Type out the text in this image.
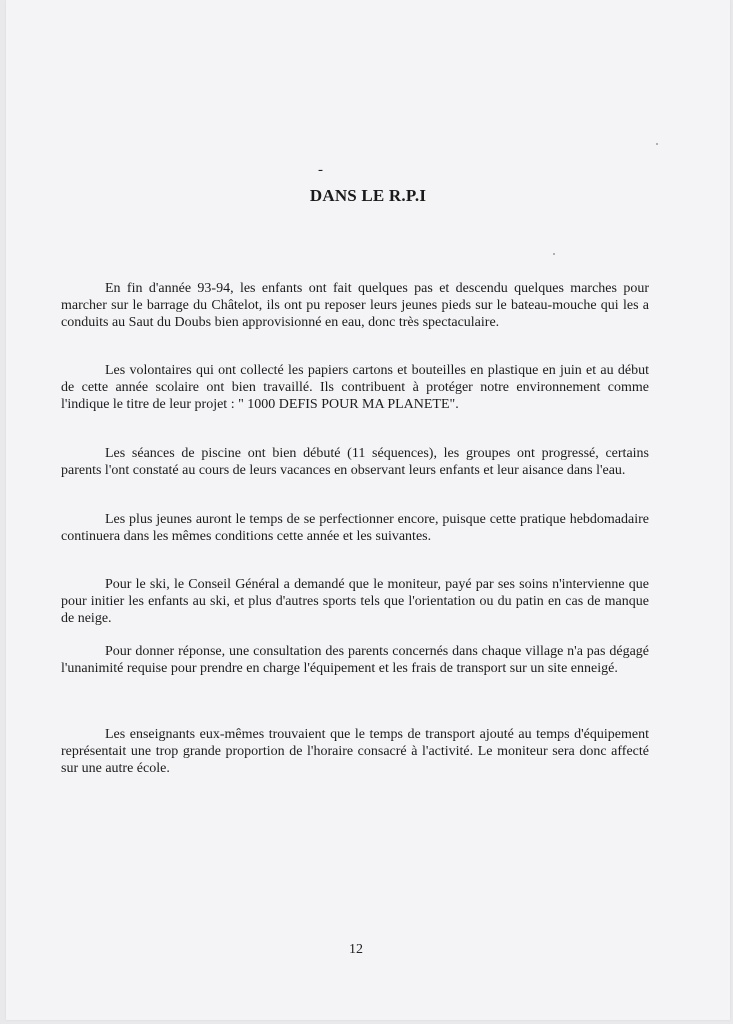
-
DANS LE R.P.I

En fin d'année 93-94, les enfants ont fait quelques pas et descendu quelques marches pour marcher sur le barrage du Châtelot, ils ont pu reposer leurs jeunes pieds sur le bateau-mouche qui les a conduits au Saut du Doubs bien approvisionné en eau, donc très spectaculaire.

Les volontaires qui ont collecté les papiers cartons et bouteilles en plastique en juin et au début de cette année scolaire ont bien travaillé. Ils contribuent à protéger notre environnement comme l'indique le titre de leur projet : " 1000 DEFIS POUR MA PLANETE".

Les séances de piscine ont bien débuté (11 séquences), les groupes ont progressé, certains parents l'ont constaté au cours de leurs vacances en observant leurs enfants et leur aisance dans l'eau.

Les plus jeunes auront le temps de se perfectionner encore, puisque cette pratique hebdomadaire continuera dans les mêmes conditions cette année et les suivantes.

Pour le ski, le Conseil Général a demandé que le moniteur, payé par ses soins n'intervienne que pour initier les enfants au ski, et plus d'autres sports tels que l'orientation ou du patin en cas de manque de neige.

Pour donner réponse, une consultation des parents concernés dans chaque village n'a pas dégagé l'unanimité requise pour prendre en charge l'équipement et les frais de transport sur un site enneigé.

Les enseignants eux-mêmes trouvaient que le temps de transport ajouté au temps d'équipement représentait une trop grande proportion de l'horaire consacré à l'activité. Le moniteur sera donc affecté sur une autre école.

12
